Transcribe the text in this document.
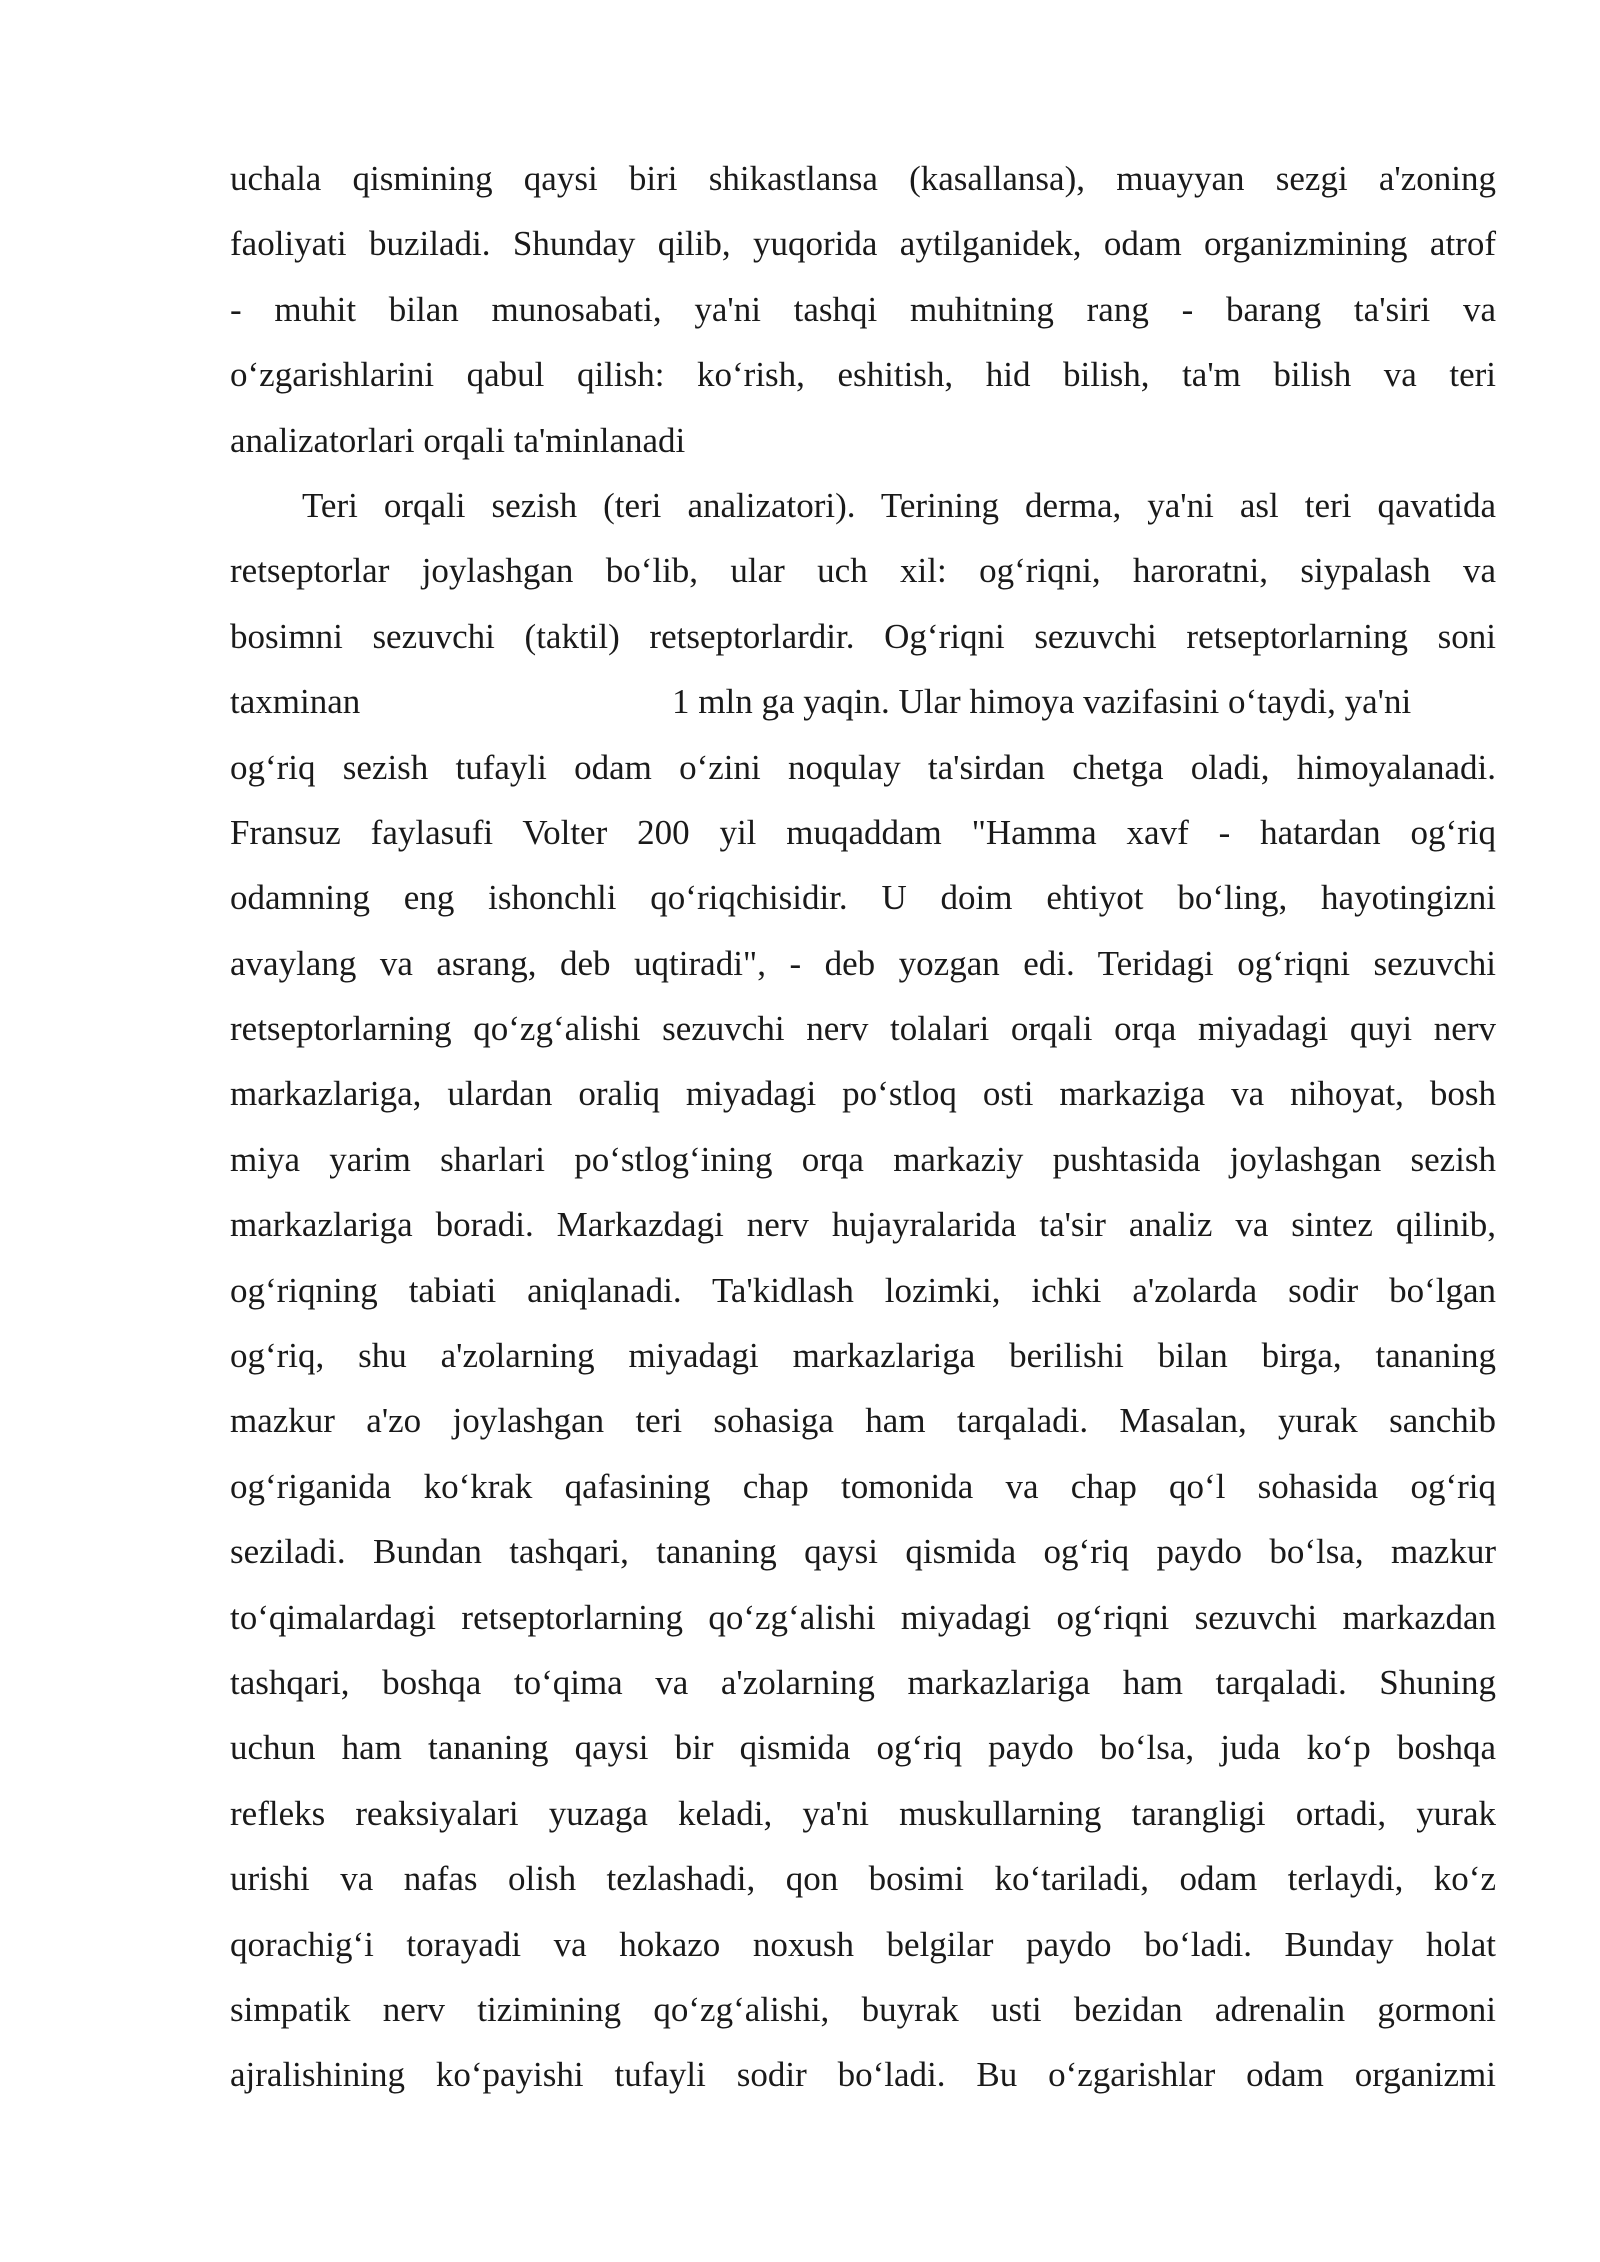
uchala qismining qaysi biri shikastlansa (kasallansa), muayyan sezgi a'zoning
faoliyati buziladi. Shunday qilib, yuqorida aytilganidek, odam organizmining atrof
- muhit bilan munosabati, ya'ni tashqi muhitning rang - barang ta'siri va
o‘zgarishlarini qabul qilish: ko‘rish, eshitish, hid bilish, ta'm bilish va teri
analizatorlari orqali ta'minlanadi
Teri orqali sezish (teri analizatori). Terining derma, ya'ni asl teri qavatida
retseptorlar joylashgan bo‘lib, ular uch xil: og‘riqni, haroratni, siypalash va
bosimni sezuvchi (taktil) retseptorlardir. Og‘riqni sezuvchi retseptorlarning soni
taxminan	1 mln ga yaqin. Ular himoya vazifasini o‘taydi, ya'ni
og‘riq sezish tufayli odam o‘zini noqulay ta'sirdan chetga oladi, himoyalanadi.
Fransuz faylasufi Volter 200 yil muqaddam "Hamma xavf - hatardan og‘riq
odamning eng ishonchli qo‘riqchisidir. U doim ehtiyot bo‘ling, hayotingizni
avaylang va asrang, deb uqtiradi", - deb yozgan edi. Teridagi og‘riqni sezuvchi
retseptorlarning qo‘zg‘alishi sezuvchi nerv tolalari orqali orqa miyadagi quyi nerv
markazlariga, ulardan oraliq miyadagi po‘stloq osti markaziga va nihoyat, bosh
miya yarim sharlari po‘stlog‘ining orqa markaziy pushtasida joylashgan sezish
markazlariga boradi. Markazdagi nerv hujayralarida ta'sir analiz va sintez qilinib,
og‘riqning tabiati aniqlanadi. Ta'kidlash lozimki, ichki a'zolarda sodir bo‘lgan
og‘riq, shu a'zolarning miyadagi markazlariga berilishi bilan birga, tananing
mazkur a'zo joylashgan teri sohasiga ham tarqaladi. Masalan, yurak sanchib
og‘riganida ko‘krak qafasining chap tomonida va chap qo‘l sohasida og‘riq
seziladi. Bundan tashqari, tananing qaysi qismida og‘riq paydo bo‘lsa, mazkur
to‘qimalardagi retseptorlarning qo‘zg‘alishi miyadagi og‘riqni sezuvchi markazdan
tashqari, boshqa to‘qima va a'zolarning markazlariga ham tarqaladi. Shuning
uchun ham tananing qaysi bir qismida og‘riq paydo bo‘lsa, juda ko‘p boshqa
refleks reaksiyalari yuzaga keladi, ya'ni muskullarning tarangligi ortadi, yurak
urishi va nafas olish tezlashadi, qon bosimi ko‘tariladi, odam terlaydi, ko‘z
qorachig‘i torayadi va hokazo noxush belgilar paydo bo‘ladi. Bunday holat
simpatik nerv tizimining qo‘zg‘alishi, buyrak usti bezidan adrenalin gormoni
ajralishining ko‘payishi tufayli sodir bo‘ladi. Bu o‘zgarishlar odam organizmi
